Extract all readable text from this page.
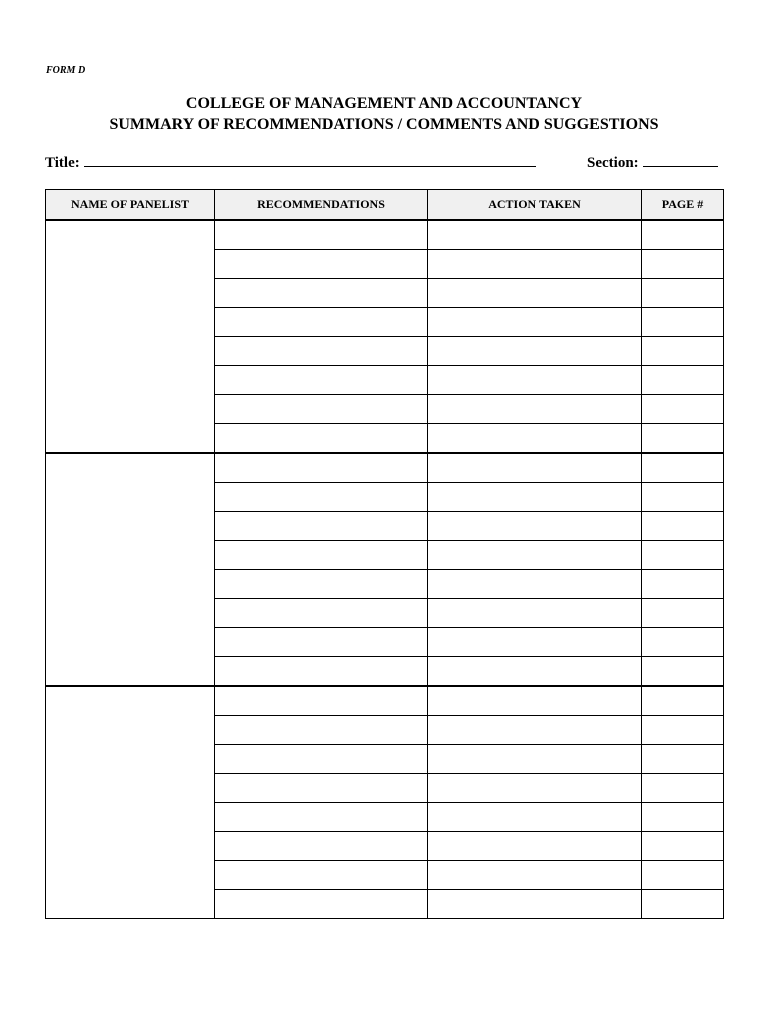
FORM D
COLLEGE OF MANAGEMENT AND ACCOUNTANCY
SUMMARY OF RECOMMENDATIONS / COMMENTS AND SUGGESTIONS
Title:	Section:
NAME OF PANELIST	RECOMMENDATIONS	ACTION TAKEN	PAGE #
